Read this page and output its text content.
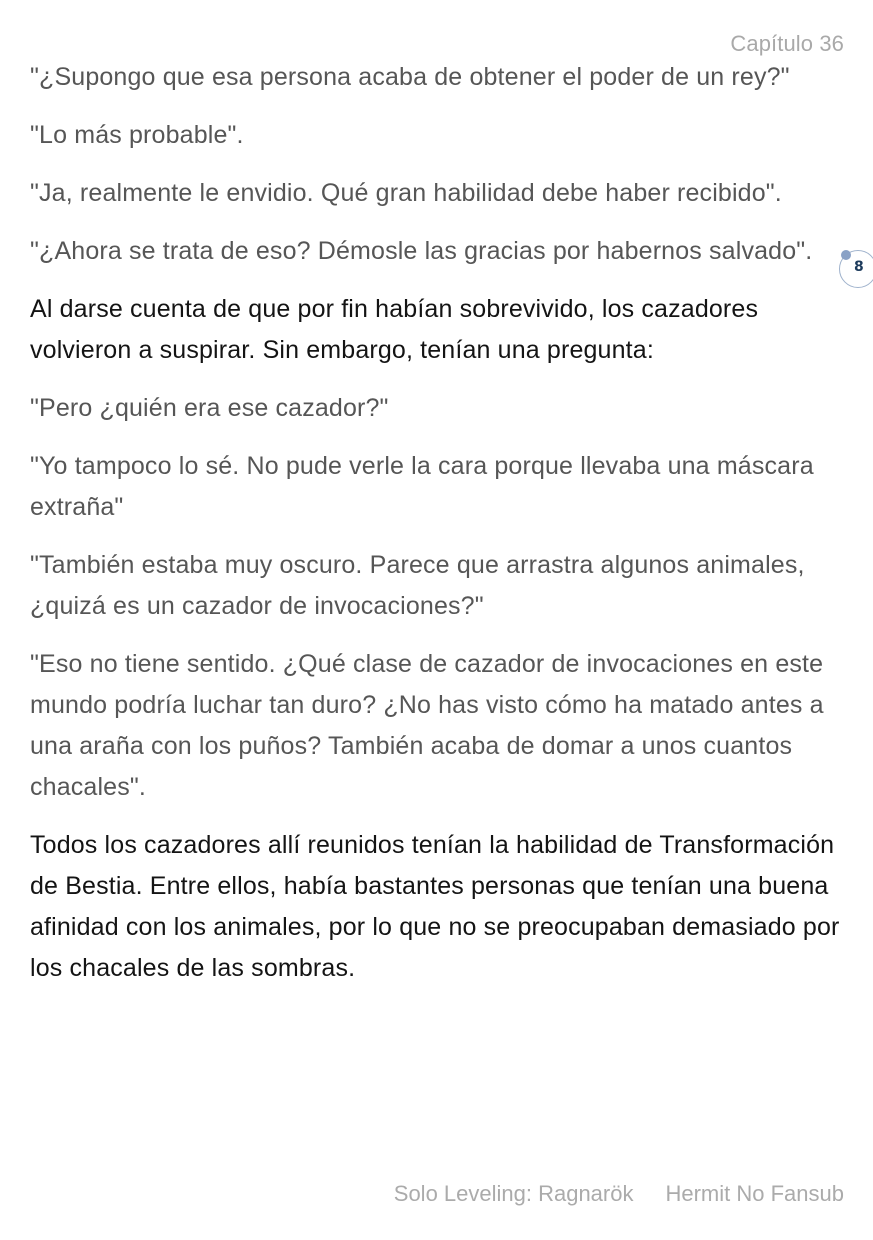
Capítulo 36

"¿Supongo que esa persona acaba de obtener el poder de un rey?"

"Lo más probable".

"Ja, realmente le envidio. Qué gran habilidad debe haber recibido".

"¿Ahora se trata de eso? Démosle las gracias por habernos salvado".

Al darse cuenta de que por fin habían sobrevivido, los cazadores volvieron a suspirar. Sin embargo, tenían una pregunta:

"Pero ¿quién era ese cazador?"

"Yo tampoco lo sé. No pude verle la cara porque llevaba una máscara extraña"

"También estaba muy oscuro. Parece que arrastra algunos animales, ¿quizá es un cazador de invocaciones?"

"Eso no tiene sentido. ¿Qué clase de cazador de invocaciones en este mundo podría luchar tan duro? ¿No has visto cómo ha matado antes a una araña con los puños? También acaba de domar a unos cuantos chacales".

Todos los cazadores allí reunidos tenían la habilidad de Transformación de Bestia. Entre ellos, había bastantes personas que tenían una buena afinidad con los animales, por lo que no se preocupaban demasiado por los chacales de las sombras.

8
Solo Leveling: Ragnarök Hermit No Fansub
